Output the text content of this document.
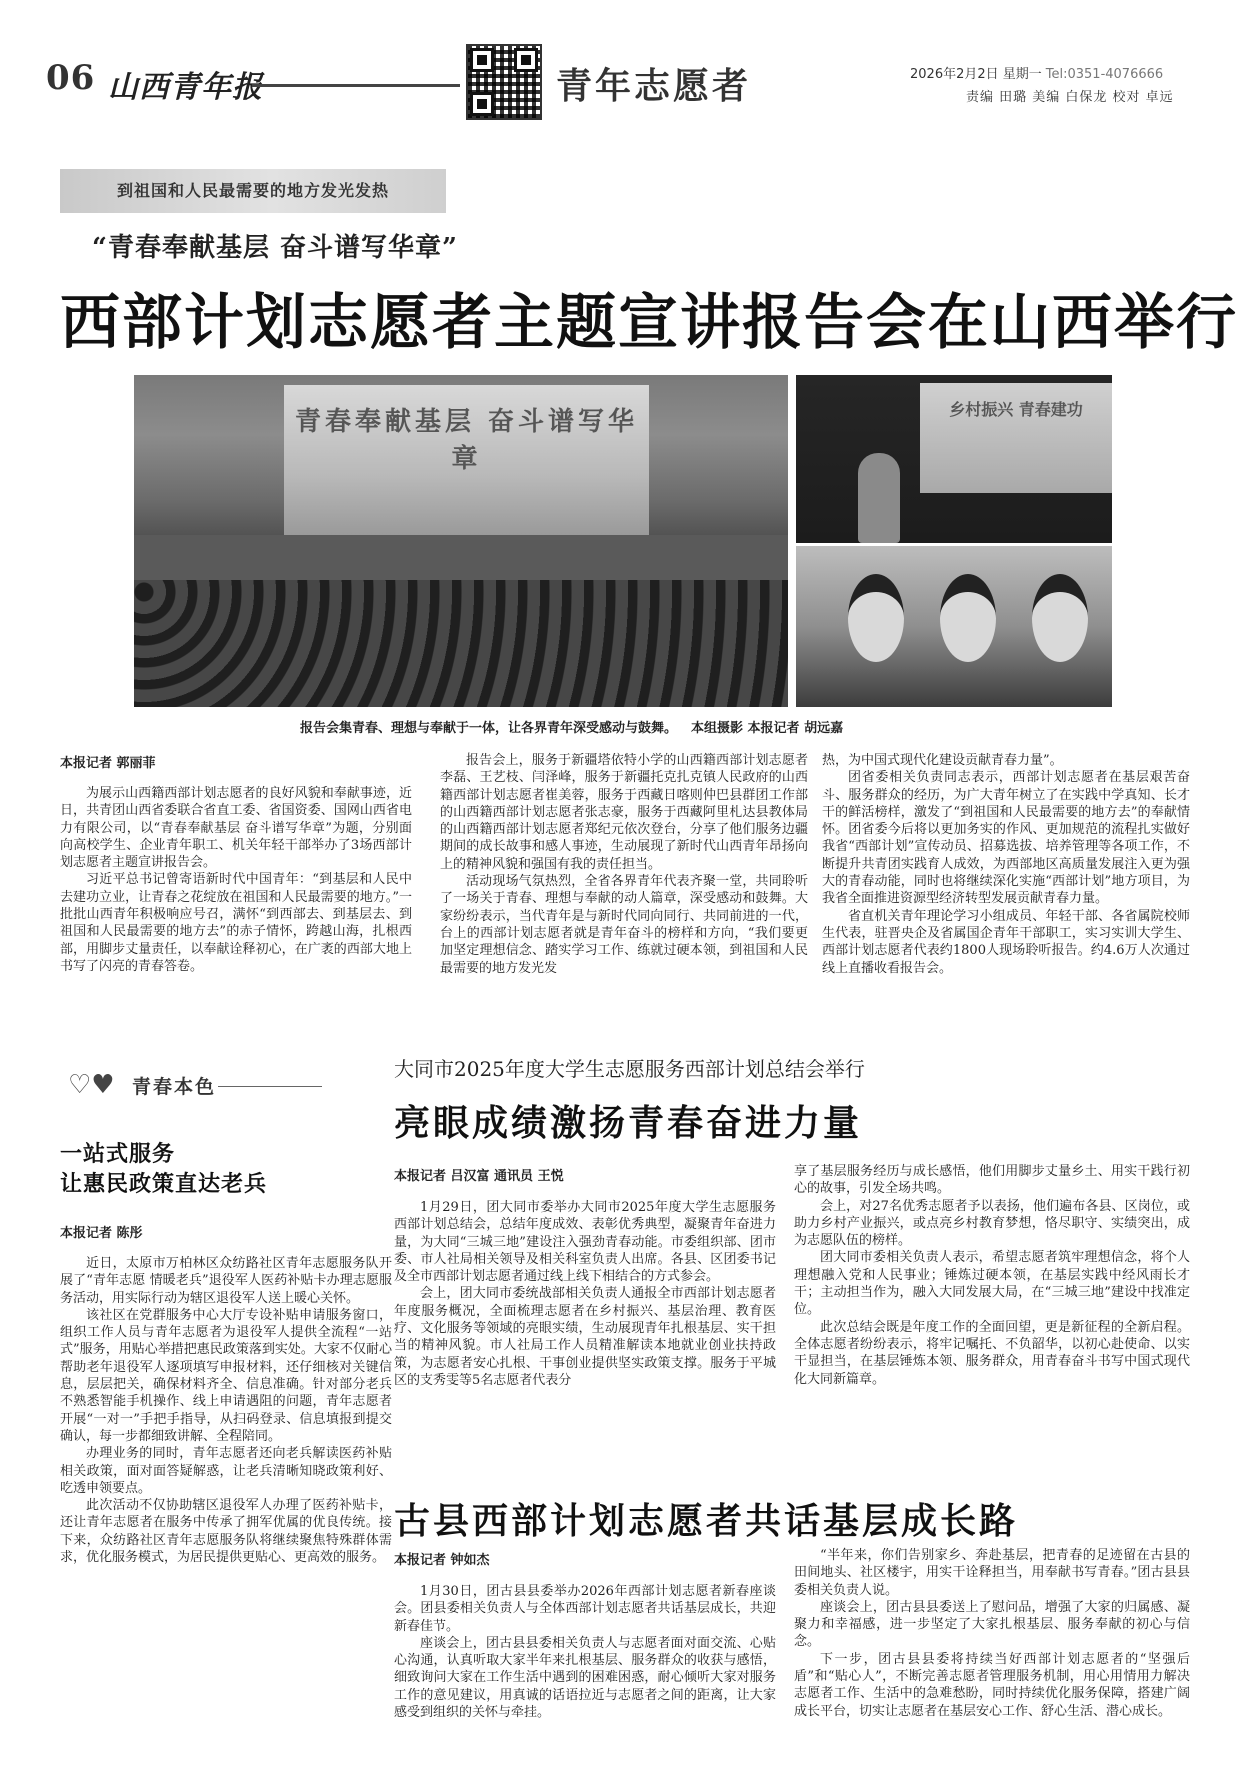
06 山西青年报	青年志愿者	2026年2月2日 星期一 Tel:0351-4076666
责编 田璐 美编 白保龙 校对 卓远
到祖国和人民最需要的地方发光发热
“青春奉献基层 奋斗谱写华章”
西部计划志愿者主题宣讲报告会在山西举行
青春奉献基层 奋斗谱写华章
乡村振兴 青春建功
报告会集青春、理想与奉献于一体，让各界青年深受感动与鼓舞。 本组摄影 本报记者 胡远嘉
本报记者 郭丽菲

为展示山西籍西部计划志愿者的良好风貌和奉献事迹，近日，共青团山西省委联合省直工委、省国资委、国网山西省电力有限公司，以“青春奉献基层 奋斗谱写华章”为题，分别面向高校学生、企业青年职工、机关年轻干部举办了3场西部计划志愿者主题宣讲报告会。

习近平总书记曾寄语新时代中国青年：“到基层和人民中去建功立业，让青春之花绽放在祖国和人民最需要的地方。”一批批山西青年积极响应号召，满怀“到西部去、到基层去、到祖国和人民最需要的地方去”的赤子情怀，跨越山海，扎根西部，用脚步丈量责任，以奉献诠释初心，在广袤的西部大地上书写了闪亮的青春答卷。

报告会上，服务于新疆塔依特小学的山西籍西部计划志愿者李磊、王艺枝、闫泽峰，服务于新疆托克扎克镇人民政府的山西籍西部计划志愿者崔美蓉，服务于西藏日喀则仲巴县群团工作部的山西籍西部计划志愿者张志豪，服务于西藏阿里札达县教体局的山西籍西部计划志愿者郑纪元依次登台，分享了他们服务边疆期间的成长故事和感人事迹，生动展现了新时代山西青年昂扬向上的精神风貌和强国有我的责任担当。

活动现场气氛热烈，全省各界青年代表齐聚一堂，共同聆听了一场关于青春、理想与奉献的动人篇章，深受感动和鼓舞。大家纷纷表示，当代青年是与新时代同向同行、共同前进的一代，台上的西部计划志愿者就是青年奋斗的榜样和方向，“我们要更加坚定理想信念、踏实学习工作、练就过硬本领，到祖国和人民最需要的地方发光发

热，为中国式现代化建设贡献青春力量”。

团省委相关负责同志表示，西部计划志愿者在基层艰苦奋斗、服务群众的经历，为广大青年树立了在实践中学真知、长才干的鲜活榜样，激发了“到祖国和人民最需要的地方去”的奉献情怀。团省委今后将以更加务实的作风、更加规范的流程扎实做好我省“西部计划”宣传动员、招募选拔、培养管理等各项工作，不断提升共青团实践育人成效，为西部地区高质量发展注入更为强大的青春动能，同时也将继续深化实施“西部计划”地方项目，为我省全面推进资源型经济转型发展贡献青春力量。

省直机关青年理论学习小组成员、年轻干部、各省属院校师生代表，驻晋央企及省属国企青年干部职工，实习实训大学生、西部计划志愿者代表约1800人现场聆听报告。约4.6万人次通过线上直播收看报告会。

♡♥ 青春本色
一站式服务
让惠民政策直达老兵
本报记者 陈彤

近日，太原市万柏林区众纺路社区青年志愿服务队开展了“青年志愿 情暖老兵”退役军人医药补贴卡办理志愿服务活动，用实际行动为辖区退役军人送上暖心关怀。

该社区在党群服务中心大厅专设补贴申请服务窗口，组织工作人员与青年志愿者为退役军人提供全流程“一站式”服务，用贴心举措把惠民政策落到实处。大家不仅耐心帮助老年退役军人逐项填写申报材料，还仔细核对关键信息，层层把关，确保材料齐全、信息准确。针对部分老兵不熟悉智能手机操作、线上申请遇阻的问题，青年志愿者开展“一对一”手把手指导，从扫码登录、信息填报到提交确认，每一步都细致讲解、全程陪同。

办理业务的同时，青年志愿者还向老兵解读医药补贴相关政策，面对面答疑解惑，让老兵清晰知晓政策利好、吃透申领要点。

此次活动不仅协助辖区退役军人办理了医药补贴卡，还让青年志愿者在服务中传承了拥军优属的优良传统。接下来，众纺路社区青年志愿服务队将继续聚焦特殊群体需求，优化服务模式，为居民提供更贴心、更高效的服务。

大同市2025年度大学生志愿服务西部计划总结会举行
亮眼成绩激扬青春奋进力量
本报记者 吕汉富 通讯员 王悦

1月29日，团大同市委举办大同市2025年度大学生志愿服务西部计划总结会，总结年度成效、表彰优秀典型，凝聚青年奋进力量，为大同“三城三地”建设注入强劲青春动能。市委组织部、团市委、市人社局相关领导及相关科室负责人出席。各县、区团委书记及全市西部计划志愿者通过线上线下相结合的方式参会。

会上，团大同市委统战部相关负责人通报全市西部计划志愿者年度服务概况，全面梳理志愿者在乡村振兴、基层治理、教育医疗、文化服务等领域的亮眼实绩，生动展现青年扎根基层、实干担当的精神风貌。市人社局工作人员精准解读本地就业创业扶持政策，为志愿者安心扎根、干事创业提供坚实政策支撑。服务于平城区的支秀雯等5名志愿者代表分

享了基层服务经历与成长感悟，他们用脚步丈量乡土、用实干践行初心的故事，引发全场共鸣。

会上，对27名优秀志愿者予以表扬，他们遍布各县、区岗位，或助力乡村产业振兴，或点亮乡村教育梦想，恪尽职守、实绩突出，成为志愿队伍的榜样。

团大同市委相关负责人表示，希望志愿者筑牢理想信念，将个人理想融入党和人民事业；锤炼过硬本领，在基层实践中经风雨长才干；主动担当作为，融入大同发展大局，在“三城三地”建设中找准定位。

此次总结会既是年度工作的全面回望，更是新征程的全新启程。全体志愿者纷纷表示，将牢记嘱托、不负韶华，以初心赴使命、以实干显担当，在基层锤炼本领、服务群众，用青春奋斗书写中国式现代化大同新篇章。

古县西部计划志愿者共话基层成长路
本报记者 钟如杰

1月30日，团古县县委举办2026年西部计划志愿者新春座谈会。团县委相关负责人与全体西部计划志愿者共话基层成长，共迎新春佳节。

座谈会上，团古县县委相关负责人与志愿者面对面交流、心贴心沟通，认真听取大家半年来扎根基层、服务群众的收获与感悟，细致询问大家在工作生活中遇到的困难困惑，耐心倾听大家对服务工作的意见建议，用真诚的话语拉近与志愿者之间的距离，让大家感受到组织的关怀与牵挂。

“半年来，你们告别家乡、奔赴基层，把青春的足迹留在古县的田间地头、社区楼宇，用实干诠释担当，用奉献书写青春。”团古县县委相关负责人说。

座谈会上，团古县县委送上了慰问品，增强了大家的归属感、凝聚力和幸福感，进一步坚定了大家扎根基层、服务奉献的初心与信念。

下一步，团古县县委将持续当好西部计划志愿者的“坚强后盾”和“贴心人”，不断完善志愿者管理服务机制，用心用情用力解决志愿者工作、生活中的急难愁盼，同时持续优化服务保障，搭建广阔成长平台，切实让志愿者在基层安心工作、舒心生活、潜心成长。
